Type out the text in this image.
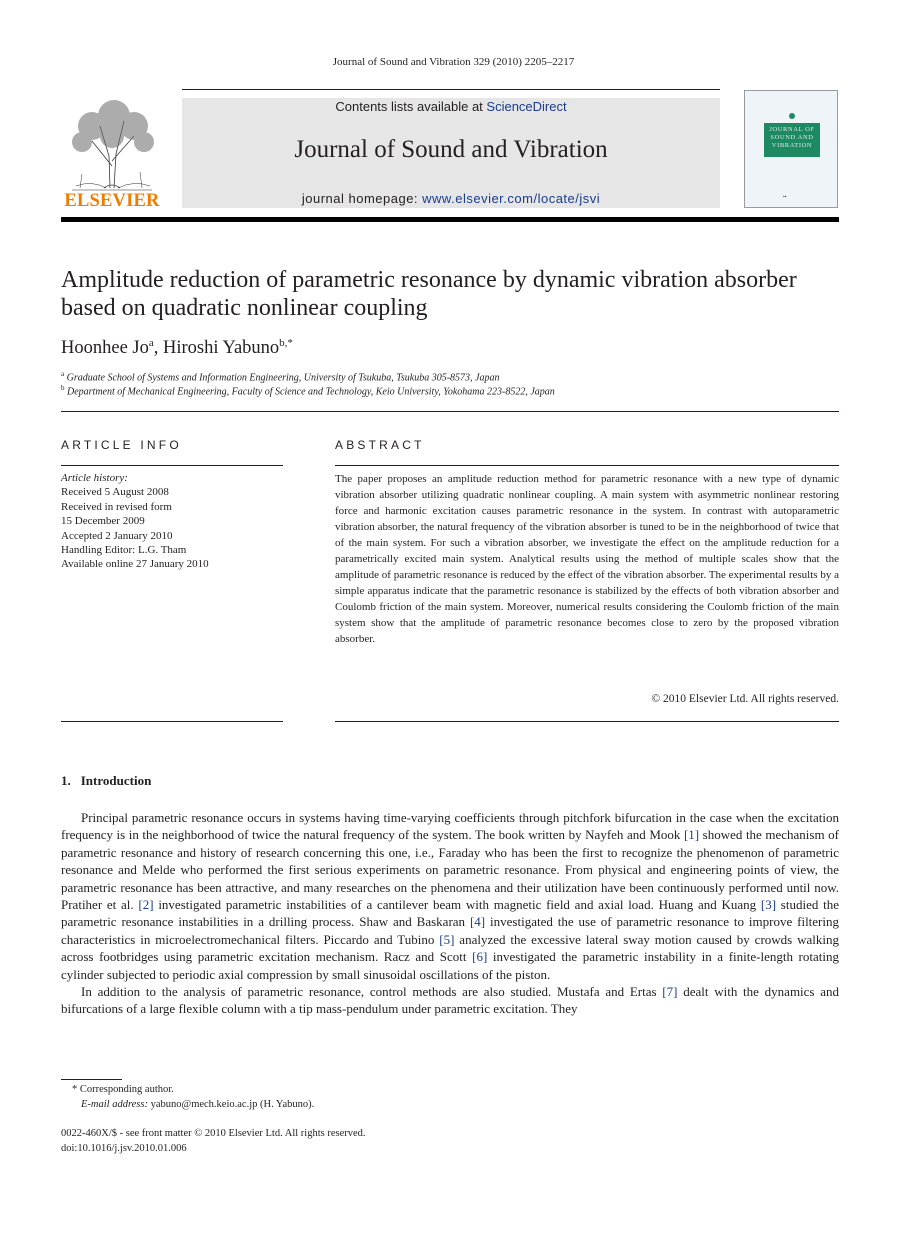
Journal of Sound and Vibration 329 (2010) 2205–2217
ELSEVIER
Contents lists available at ScienceDirect
Journal of Sound and Vibration
journal homepage: www.elsevier.com/locate/jsvi
JOURNAL OF SOUND AND VIBRATION
▪▪
Amplitude reduction of parametric resonance by dynamic vibration absorber based on quadratic nonlinear coupling
Hoonhee Jo$^a$, Hiroshi Yabuno$^{b,*}$
$^a$ Graduate School of Systems and Information Engineering, University of Tsukuba, Tsukuba 305-8573, Japan
$^b$ Department of Mechanical Engineering, Faculty of Science and Technology, Keio University, Yokohama 223-8522, Japan
ARTICLE INFO
Article history:
Received 5 August 2008
Received in revised form
15 December 2009
Accepted 2 January 2010
Handling Editor: L.G. Tham
Available online 27 January 2010
ABSTRACT
The paper proposes an amplitude reduction method for parametric resonance with a new type of dynamic vibration absorber utilizing quadratic nonlinear coupling. A main system with asymmetric nonlinear restoring force and harmonic excitation causes parametric resonance in the system. In contrast with autoparametric vibration absorber, the natural frequency of the vibration absorber is tuned to be in the neighborhood of twice that of the main system. For such a vibration absorber, we investigate the effect on the amplitude reduction for a parametrically excited main system. Analytical results using the method of multiple scales show that the amplitude of parametric resonance is reduced by the effect of the vibration absorber. The experimental results by a simple apparatus indicate that the parametric resonance is stabilized by the effects of both vibration absorber and Coulomb friction of the main system. Moreover, numerical results considering the Coulomb friction of the main system show that the amplitude of parametric resonance becomes close to zero by the proposed vibration absorber.
© 2010 Elsevier Ltd. All rights reserved.
1. Introduction

Principal parametric resonance occurs in systems having time-varying coefficients through pitchfork bifurcation in the case when the excitation frequency is in the neighborhood of twice the natural frequency of the system. The book written by Nayfeh and Mook [1] showed the mechanism of parametric resonance and history of research concerning this one, i.e., Faraday who has been the first to recognize the phenomenon of parametric resonance and Melde who performed the first serious experiments on parametric resonance. From physical and engineering points of view, the parametric resonance has been attractive, and many researches on the phenomena and their utilization have been continuously performed until now. Pratiher et al. [2] investigated parametric instabilities of a cantilever beam with magnetic field and axial load. Huang and Kuang [3] studied the parametric resonance instabilities in a drilling process. Shaw and Baskaran [4] investigated the use of parametric resonance to improve filtering characteristics in microelectromechanical filters. Piccardo and Tubino [5] analyzed the excessive lateral sway motion caused by crowds walking across footbridges using parametric excitation mechanism. Racz and Scott [6] investigated the parametric instability in a finite-length rotating cylinder subjected to periodic axial compression by small sinusoidal oscillations of the piston.

In addition to the analysis of parametric resonance, control methods are also studied. Mustafa and Ertas [7] dealt with the dynamics and bifurcations of a large flexible column with a tip mass-pendulum under parametric excitation. They

* Corresponding author.
E-mail address: yabuno@mech.keio.ac.jp (H. Yabuno).
0022-460X/$ - see front matter © 2010 Elsevier Ltd. All rights reserved.
doi:10.1016/j.jsv.2010.01.006
